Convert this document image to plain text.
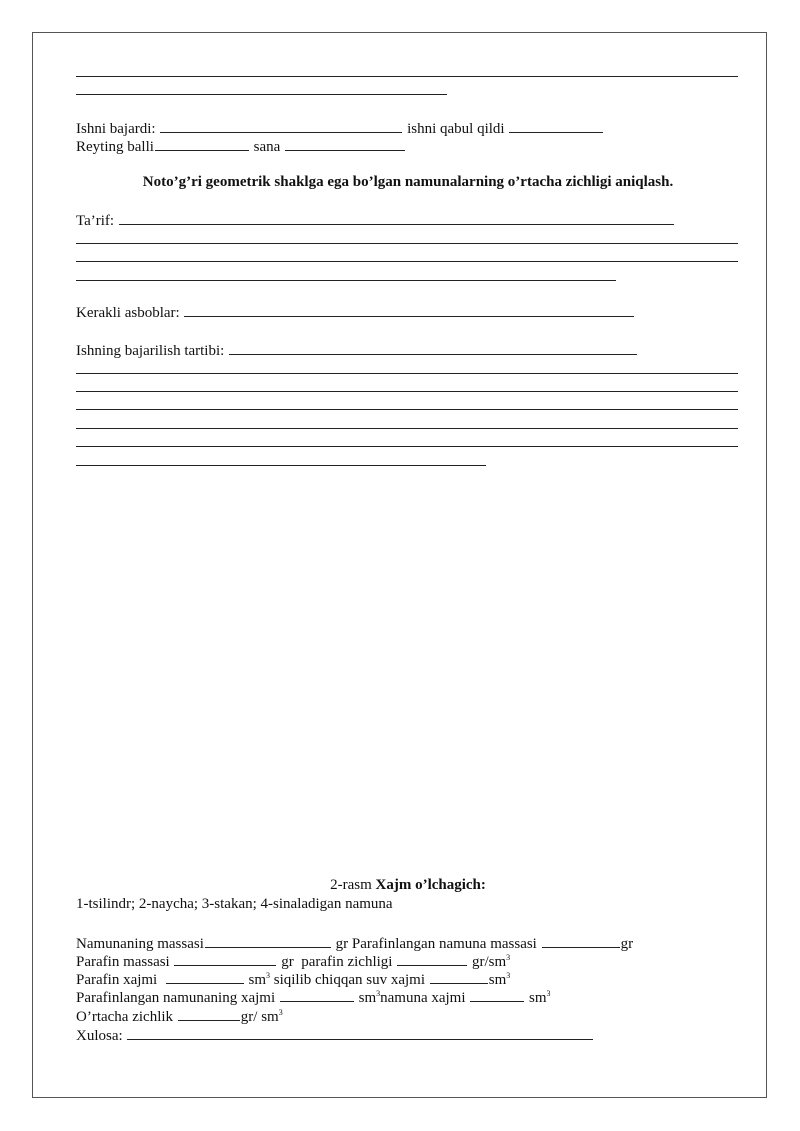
Ishni bajardi:	ishni qabul qildi
Reyting balli	sana
Noto’g’ri geometrik shaklga ega bo’lgan namunalarning o’rtacha zichligi aniqlash.
Ta’rif:
Kerakli asboblar:
Ishning bajarilish tartibi:
2-rasm Xajm o’lchagich:
1-tsilindr; 2-naycha; 3-stakan; 4-sinaladigan namuna
Namunaning massasi	gr Parafinlangan namuna massasi	gr
Parafin massasi	gr parafin zichligi	$gr/sm^3$
Parafin xajmi	$sm^3$ siqilib chiqqan suv xajmi	$sm^3$
Parafinlangan namunaning xajmi	$sm^3namuna$ xajmi	$sm^3$
O’rtacha zichlik	gr/ $sm^3$
Xulosa:
